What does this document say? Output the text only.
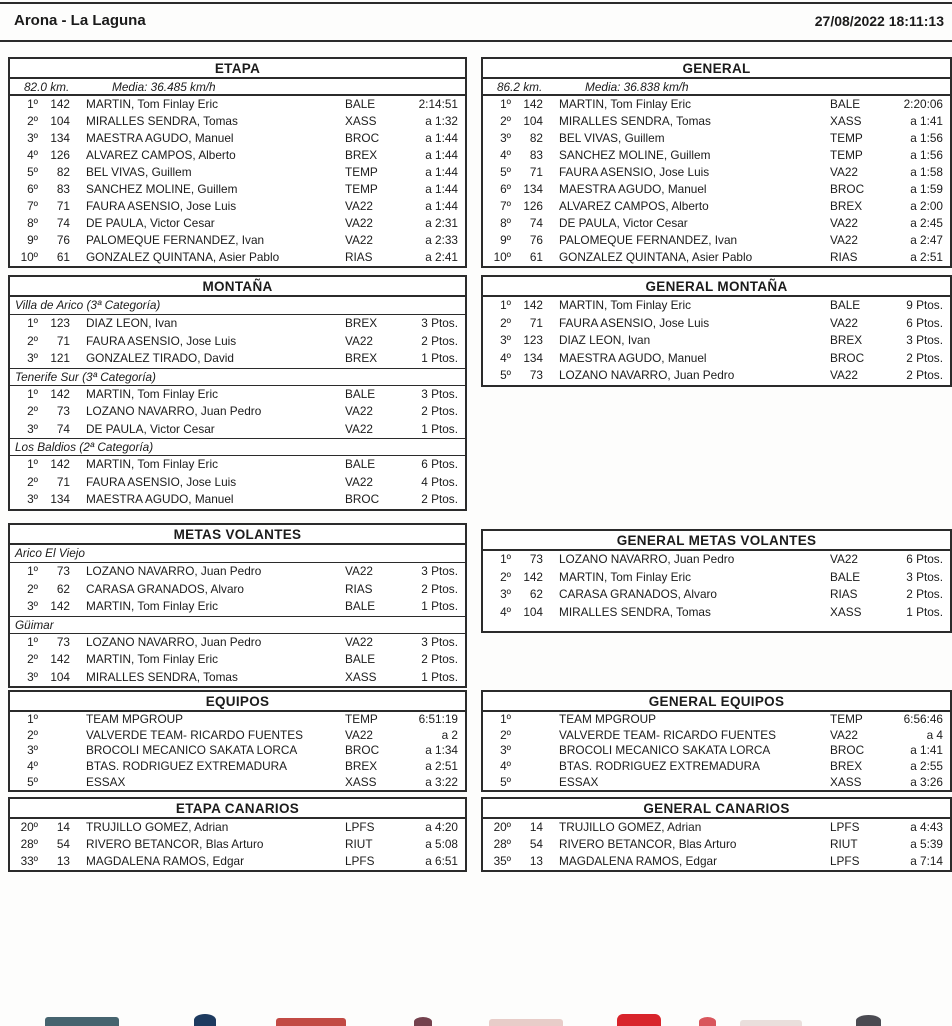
Arona - La Laguna	27/08/2022 18:11:13
ETAPA
82.0 km.	Media: 36.485 km/h
1º	142	MARTIN, Tom Finlay Eric	BALE	2:14:51
2º	104	MIRALLES SENDRA, Tomas	XASS	a 1:32
3º	134	MAESTRA AGUDO, Manuel	BROC	a 1:44
4º	126	ALVAREZ CAMPOS, Alberto	BREX	a 1:44
5º	82	BEL VIVAS, Guillem	TEMP	a 1:44
6º	83	SANCHEZ MOLINE, Guillem	TEMP	a 1:44
7º	71	FAURA ASENSIO, Jose Luis	VA22	a 1:44
8º	74	DE PAULA, Victor Cesar	VA22	a 2:31
9º	76	PALOMEQUE FERNANDEZ, Ivan	VA22	a 2:33
10º	61	GONZALEZ QUINTANA, Asier Pablo	RIAS	a 2:41
MONTAÑA
Villa de Arico (3ª Categoría)
1º	123	DIAZ LEON, Ivan	BREX	3 Ptos.
2º	71	FAURA ASENSIO, Jose Luis	VA22	2 Ptos.
3º	121	GONZALEZ TIRADO, David	BREX	1 Ptos.
Tenerife Sur (3ª Categoría)
1º	142	MARTIN, Tom Finlay Eric	BALE	3 Ptos.
2º	73	LOZANO NAVARRO, Juan Pedro	VA22	2 Ptos.
3º	74	DE PAULA, Victor Cesar	VA22	1 Ptos.
Los Baldios (2ª Categoría)
1º	142	MARTIN, Tom Finlay Eric	BALE	6 Ptos.
2º	71	FAURA ASENSIO, Jose Luis	VA22	4 Ptos.
3º	134	MAESTRA AGUDO, Manuel	BROC	2 Ptos.
METAS VOLANTES
Arico El Viejo
1º	73	LOZANO NAVARRO, Juan Pedro	VA22	3 Ptos.
2º	62	CARASA GRANADOS, Alvaro	RIAS	2 Ptos.
3º	142	MARTIN, Tom Finlay Eric	BALE	1 Ptos.
Güimar
1º	73	LOZANO NAVARRO, Juan Pedro	VA22	3 Ptos.
2º	142	MARTIN, Tom Finlay Eric	BALE	2 Ptos.
3º	104	MIRALLES SENDRA, Tomas	XASS	1 Ptos.
EQUIPOS
1º	TEAM MPGROUP	TEMP	6:51:19
2º	VALVERDE TEAM- RICARDO FUENTES	VA22	a 2
3º	BROCOLI MECANICO SAKATA LORCA	BROC	a 1:34
4º	BTAS. RODRIGUEZ EXTREMADURA	BREX	a 2:51
5º	ESSAX	XASS	a 3:22
ETAPA CANARIOS
20º	14	TRUJILLO GOMEZ, Adrian	LPFS	a 4:20
28º	54	RIVERO BETANCOR, Blas Arturo	RIUT	a 5:08
33º	13	MAGDALENA RAMOS, Edgar	LPFS	a 6:51
GENERAL
86.2 km.	Media: 36.838 km/h
1º	142	MARTIN, Tom Finlay Eric	BALE	2:20:06
2º	104	MIRALLES SENDRA, Tomas	XASS	a 1:41
3º	82	BEL VIVAS, Guillem	TEMP	a 1:56
4º	83	SANCHEZ MOLINE, Guillem	TEMP	a 1:56
5º	71	FAURA ASENSIO, Jose Luis	VA22	a 1:58
6º	134	MAESTRA AGUDO, Manuel	BROC	a 1:59
7º	126	ALVAREZ CAMPOS, Alberto	BREX	a 2:00
8º	74	DE PAULA, Victor Cesar	VA22	a 2:45
9º	76	PALOMEQUE FERNANDEZ, Ivan	VA22	a 2:47
10º	61	GONZALEZ QUINTANA, Asier Pablo	RIAS	a 2:51
GENERAL MONTAÑA
1º	142	MARTIN, Tom Finlay Eric	BALE	9 Ptos.
2º	71	FAURA ASENSIO, Jose Luis	VA22	6 Ptos.
3º	123	DIAZ LEON, Ivan	BREX	3 Ptos.
4º	134	MAESTRA AGUDO, Manuel	BROC	2 Ptos.
5º	73	LOZANO NAVARRO, Juan Pedro	VA22	2 Ptos.
GENERAL METAS VOLANTES
1º	73	LOZANO NAVARRO, Juan Pedro	VA22	6 Ptos.
2º	142	MARTIN, Tom Finlay Eric	BALE	3 Ptos.
3º	62	CARASA GRANADOS, Alvaro	RIAS	2 Ptos.
4º	104	MIRALLES SENDRA, Tomas	XASS	1 Ptos.
GENERAL EQUIPOS
1º	TEAM MPGROUP	TEMP	6:56:46
2º	VALVERDE TEAM- RICARDO FUENTES	VA22	a 4
3º	BROCOLI MECANICO SAKATA LORCA	BROC	a 1:41
4º	BTAS. RODRIGUEZ EXTREMADURA	BREX	a 2:55
5º	ESSAX	XASS	a 3:26
GENERAL CANARIOS
20º	14	TRUJILLO GOMEZ, Adrian	LPFS	a 4:43
28º	54	RIVERO BETANCOR, Blas Arturo	RIUT	a 5:39
35º	13	MAGDALENA RAMOS, Edgar	LPFS	a 7:14
